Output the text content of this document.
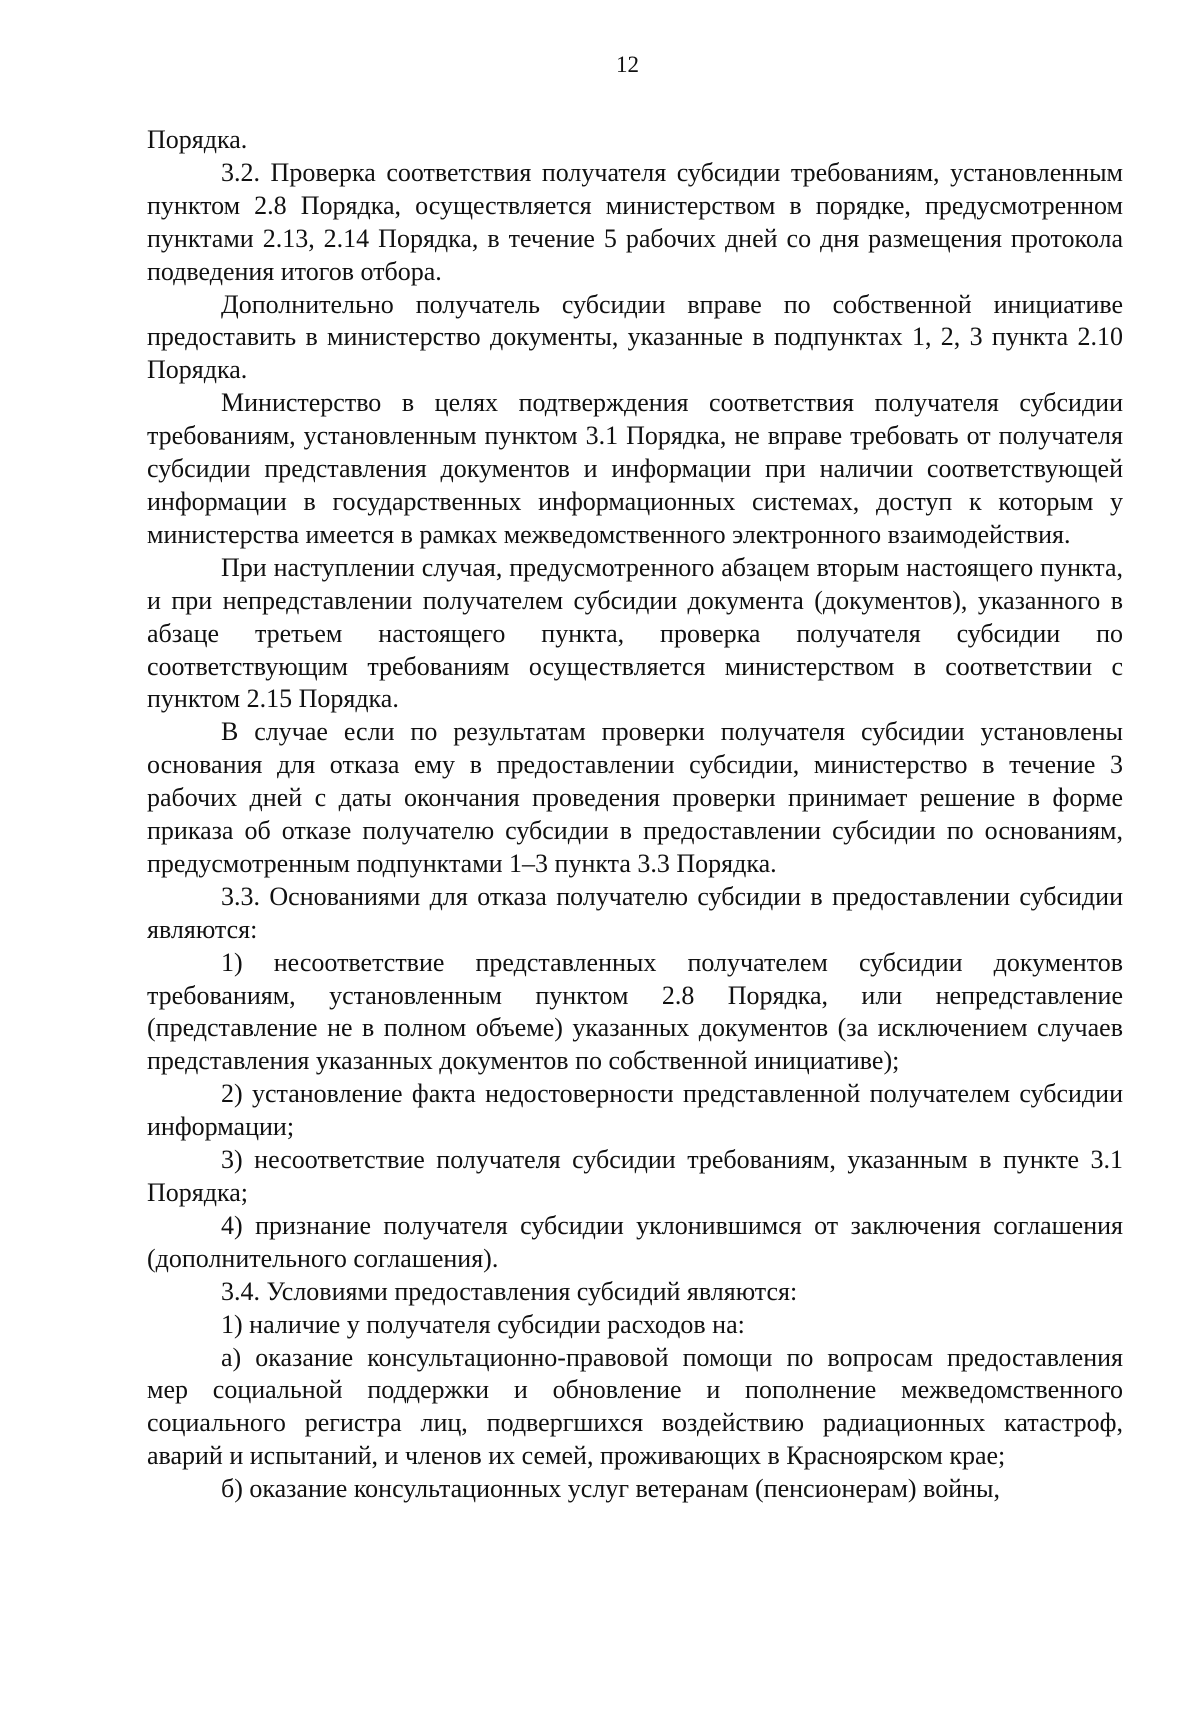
12

Порядка.

3.2. Проверка соответствия получателя субсидии требованиям, установленным пунктом 2.8 Порядка, осуществляется министерством в порядке, предусмотренном пунктами 2.13, 2.14 Порядка, в течение 5 рабочих дней со дня размещения протокола подведения итогов отбора.

Дополнительно получатель субсидии вправе по собственной инициативе предоставить в министерство документы, указанные в подпунктах 1, 2, 3 пункта 2.10 Порядка.

Министерство в целях подтверждения соответствия получателя субсидии требованиям, установленным пунктом 3.1 Порядка, не вправе требовать от получателя субсидии представления документов и информации при наличии соответствующей информации в государственных информационных системах, доступ к которым у министерства имеется в рамках межведомственного электронного взаимодействия.

При наступлении случая, предусмотренного абзацем вторым настоящего пункта, и при непредставлении получателем субсидии документа (документов), указанного в абзаце третьем настоящего пункта, проверка получателя субсидии по соответствующим требованиям осуществляется министерством в соответствии с пунктом 2.15 Порядка.

В случае если по результатам проверки получателя субсидии установлены основания для отказа ему в предоставлении субсидии, министерство в течение 3 рабочих дней с даты окончания проведения проверки принимает решение в форме приказа об отказе получателю субсидии в предоставлении субсидии по основаниям, предусмотренным подпунктами 1–3 пункта 3.3 Порядка.

3.3. Основаниями для отказа получателю субсидии в предоставлении субсидии являются:

1) несоответствие представленных получателем субсидии документов требованиям, установленным пунктом 2.8 Порядка, или непредставление (представление не в полном объеме) указанных документов (за исключением случаев представления указанных документов по собственной инициативе);

2) установление факта недостоверности представленной получателем субсидии информации;

3) несоответствие получателя субсидии требованиям, указанным в пункте 3.1 Порядка;

4) признание получателя субсидии уклонившимся от заключения соглашения (дополнительного соглашения).

3.4. Условиями предоставления субсидий являются:

1) наличие у получателя субсидии расходов на:

а) оказание консультационно-правовой помощи по вопросам предоставления мер социальной поддержки и обновление и пополнение межведомственного социального регистра лиц, подвергшихся воздействию радиационных катастроф, аварий и испытаний, и членов их семей, проживающих в Красноярском крае;

б) оказание консультационных услуг ветеранам (пенсионерам) войны,
